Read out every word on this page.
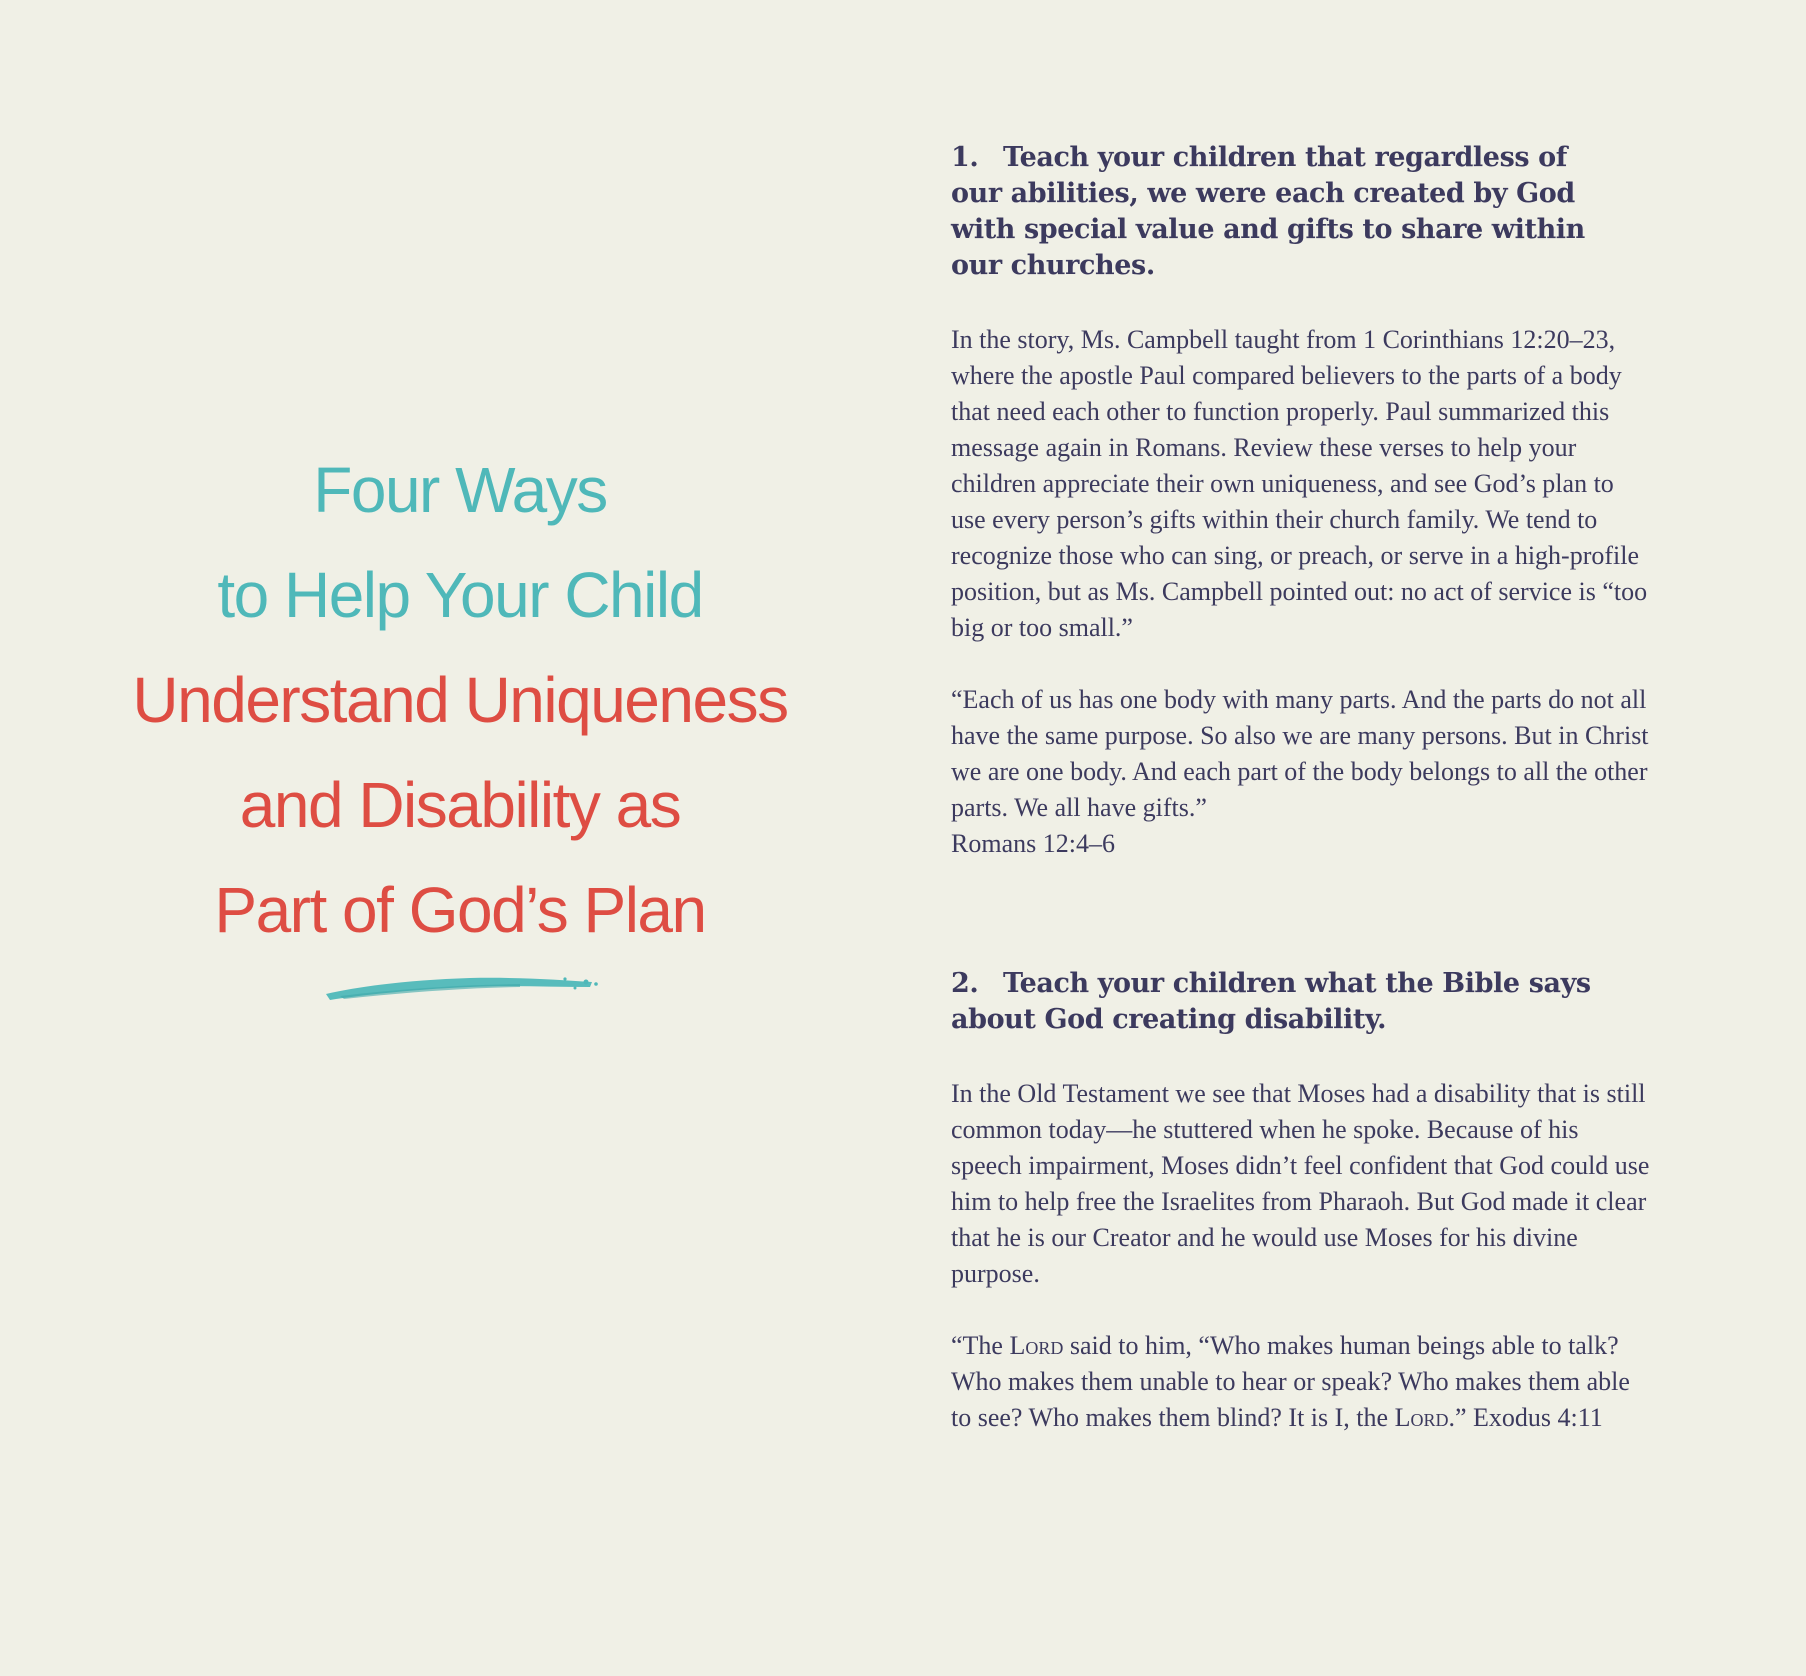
Four Ways
to Help Your Child
Understand Uniqueness
and Disability as
Part of God’s Plan

1. Teach your children that regardless of our abilities, we were each created by God with special value and gifts to share within our churches.

In the story, Ms. Campbell taught from 1 Corinthians 12:20–23, where the apostle Paul compared believers to the parts of a body that need each other to function properly. Paul summarized this message again in Romans. Review these verses to help your children appreciate their own uniqueness, and see God’s plan to use every person’s gifts within their church family. We tend to recognize those who can sing, or preach, or serve in a high-profile position, but as Ms. Campbell pointed out: no act of service is “too big or too small.”

“Each of us has one body with many parts. And the parts do not all have the same purpose. So also we are many persons. But in Christ we are one body. And each part of the body belongs to all the other parts. We all have gifts.”

Romans 12:4–6

2. Teach your children what the Bible says about God creating disability.

In the Old Testament we see that Moses had a disability that is still common today—he stuttered when he spoke. Because of his speech impairment, Moses didn’t feel confident that God could use him to help free the Israelites from Pharaoh. But God made it clear that he is our Creator and he would use Moses for his divine purpose.

“The Lord said to him, “Who makes human beings able to talk? Who makes them unable to hear or speak? Who makes them able to see? Who makes them blind? It is I, the Lord.” Exodus 4:11
